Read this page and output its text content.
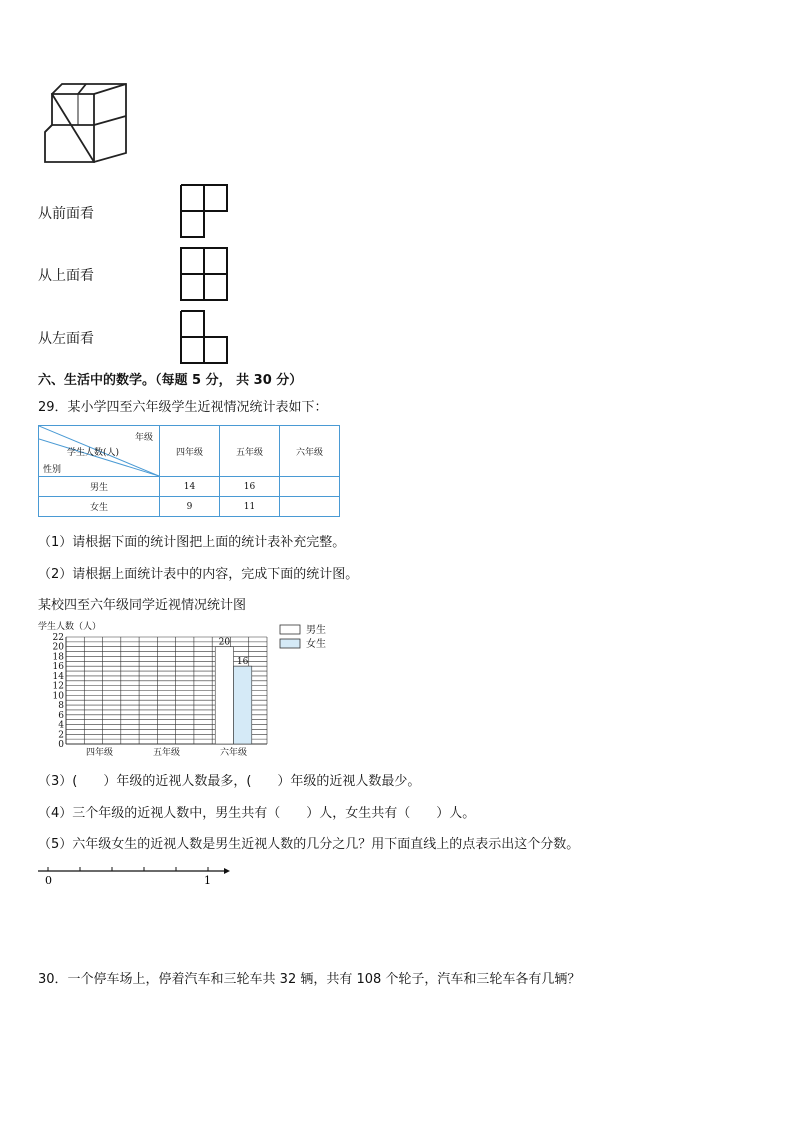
从前面看
从上面看
从左面看
六、生活中的数学。（每题 5 分， 共 30 分）
29．某小学四至六年级学生近视情况统计表如下：
年级
学生人数(人)
性别	四年级	五年级	六年级
男生	14	16	
女生	9	11	
（1）请根据下面的统计图把上面的统计表补充完整。
（2）请根据上面统计表中的内容，完成下面的统计图。
某校四至六年级同学近视情况统计图
学生人数（人）
0
2
4
6
8
10
12
14
16
18
20
22	20
16
四年级	五年级	六年级
男生
女生
（3）(　　）年级的近视人数最多，(　　）年级的近视人数最少。
（4）三个年级的近视人数中，男生共有（　　）人，女生共有（　　）人。
（5）六年级女生的近视人数是男生近视人数的几分之几？用下面直线上的点表示出这个分数。
0	1
30．一个停车场上，停着汽车和三轮车共 32 辆，共有 108 个轮子，汽车和三轮车各有几辆？
